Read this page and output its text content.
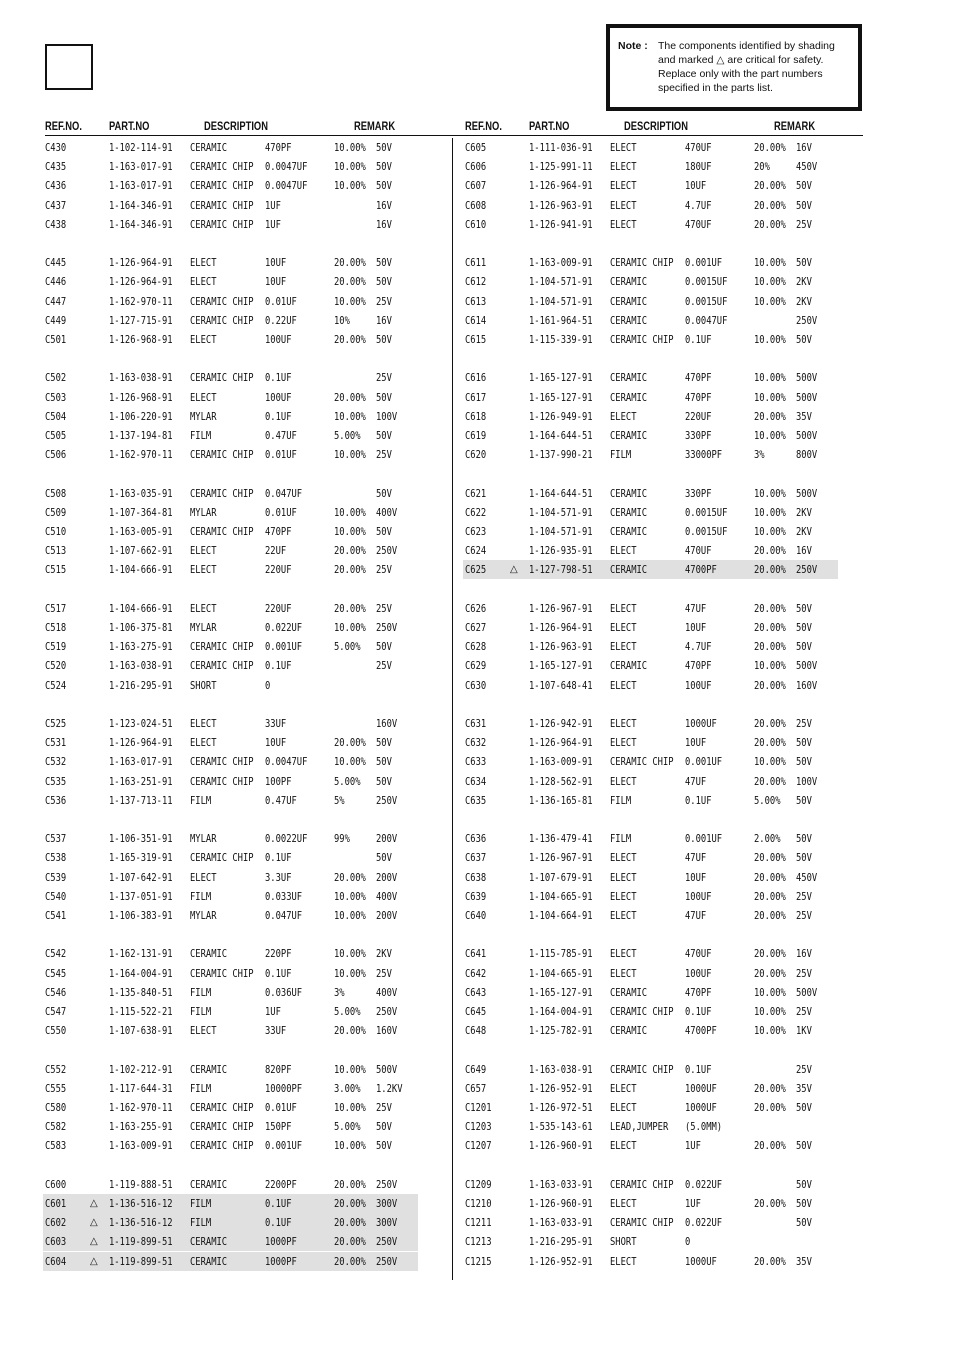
Note : The components identified by shading
and marked △ are critical for safety.
Replace only with the part numbers
specified in the parts list.
REF.NO. PART.NO	DESCRIPTION	REMARK	REF.NO. PART.NO	DESCRIPTION	REMARK
C430	1-102-114-91 CERAMIC	470PF	10.00% 50V
C435	1-163-017-91 CERAMIC CHIP 0.0047UF 10.00% 50V
C436	1-163-017-91 CERAMIC CHIP 0.0047UF 10.00% 50V
C437	1-164-346-91 CERAMIC CHIP 1UF	16V
C438	1-164-346-91 CERAMIC CHIP 1UF	16V
C445	1-126-964-91 ELECT	10UF	20.00% 50V
C446	1-126-964-91 ELECT	10UF	20.00% 50V
C447	1-162-970-11 CERAMIC CHIP 0.01UF	10.00% 25V
C449	1-127-715-91 CERAMIC CHIP 0.22UF	10% 16V
C501	1-126-968-91 ELECT	100UF	20.00% 50V
C502	1-163-038-91 CERAMIC CHIP 0.1UF	25V
C503	1-126-968-91 ELECT	100UF	20.00% 50V
C504	1-106-220-91 MYLAR	0.1UF	10.00% 100V
C505	1-137-194-81 FILM	0.47UF	5.00% 50V
C506	1-162-970-11 CERAMIC CHIP 0.01UF	10.00% 25V
C508	1-163-035-91 CERAMIC CHIP 0.047UF	50V
C509	1-107-364-81 MYLAR	0.01UF	10.00% 400V
C510	1-163-005-91 CERAMIC CHIP 470PF	10.00% 50V
C513	1-107-662-91 ELECT	22UF	20.00% 250V
C515	1-104-666-91 ELECT	220UF	20.00% 25V
C517	1-104-666-91 ELECT	220UF	20.00% 25V
C518	1-106-375-81 MYLAR	0.022UF	10.00% 250V
C519	1-163-275-91 CERAMIC CHIP 0.001UF	5.00% 50V
C520	1-163-038-91 CERAMIC CHIP 0.1UF	25V
C524	1-216-295-91 SHORT	0
C525	1-123-024-51 ELECT	33UF	160V
C531	1-126-964-91 ELECT	10UF	20.00% 50V
C532	1-163-017-91 CERAMIC CHIP 0.0047UF 10.00% 50V
C535	1-163-251-91 CERAMIC CHIP 100PF	5.00% 50V
C536	1-137-713-11 FILM	0.47UF	5%	250V
C537	1-106-351-91 MYLAR	0.0022UF 99% 200V
C538	1-165-319-91 CERAMIC CHIP 0.1UF	50V
C539	1-107-642-91 ELECT	3.3UF	20.00% 200V
C540	1-137-051-91 FILM	0.033UF	10.00% 400V
C541	1-106-383-91 MYLAR	0.047UF	10.00% 200V
C542	1-162-131-91 CERAMIC	220PF	10.00% 2KV
C545	1-164-004-91 CERAMIC CHIP 0.1UF	10.00% 25V
C546	1-135-840-51 FILM	0.036UF	3%	400V
C547	1-115-522-21 FILM	1UF	5.00% 250V
C550	1-107-638-91 ELECT	33UF	20.00% 160V
C552	1-102-212-91 CERAMIC	820PF	10.00% 500V
C555	1-117-644-31 FILM	10000PF	3.00% 1.2KV
C580	1-162-970-11 CERAMIC CHIP 0.01UF	10.00% 25V
C582	1-163-255-91 CERAMIC CHIP 150PF	5.00% 50V
C583	1-163-009-91 CERAMIC CHIP 0.001UF	10.00% 50V
C600	1-119-888-51 CERAMIC	2200PF	20.00% 250V
C601 △ 1-136-516-12 FILM	0.1UF	20.00% 300V
C602 △ 1-136-516-12 FILM	0.1UF	20.00% 300V
C603 △ 1-119-899-51 CERAMIC	1000PF	20.00% 250V
C604 △ 1-119-899-51 CERAMIC	1000PF	20.00% 250V
C605	1-111-036-91 ELECT	470UF	20.00% 16V
C606	1-125-991-11 ELECT	180UF	20% 450V
C607	1-126-964-91 ELECT	10UF	20.00% 50V
C608	1-126-963-91 ELECT	4.7UF	20.00% 50V
C610	1-126-941-91 ELECT	470UF	20.00% 25V
C611	1-163-009-91 CERAMIC CHIP 0.001UF	10.00% 50V
C612	1-104-571-91 CERAMIC	0.0015UF 10.00% 2KV
C613	1-104-571-91 CERAMIC	0.0015UF 10.00% 2KV
C614	1-161-964-51 CERAMIC	0.0047UF	250V
C615	1-115-339-91 CERAMIC CHIP 0.1UF	10.00% 50V
C616	1-165-127-91 CERAMIC	470PF	10.00% 500V
C617	1-165-127-91 CERAMIC	470PF	10.00% 500V
C618	1-126-949-91 ELECT	220UF	20.00% 35V
C619	1-164-644-51 CERAMIC	330PF	10.00% 500V
C620	1-137-990-21 FILM	33000PF	3%	800V
C621	1-164-644-51 CERAMIC	330PF	10.00% 500V
C622	1-104-571-91 CERAMIC	0.0015UF 10.00% 2KV
C623	1-104-571-91 CERAMIC	0.0015UF 10.00% 2KV
C624	1-126-935-91 ELECT	470UF	20.00% 16V
C625 △ 1-127-798-51 CERAMIC	4700PF	20.00% 250V
C626	1-126-967-91 ELECT	47UF	20.00% 50V
C627	1-126-964-91 ELECT	10UF	20.00% 50V
C628	1-126-963-91 ELECT	4.7UF	20.00% 50V
C629	1-165-127-91 CERAMIC	470PF	10.00% 500V
C630	1-107-648-41 ELECT	100UF	20.00% 160V
C631	1-126-942-91 ELECT	1000UF	20.00% 25V
C632	1-126-964-91 ELECT	10UF	20.00% 50V
C633	1-163-009-91 CERAMIC CHIP 0.001UF	10.00% 50V
C634	1-128-562-91 ELECT	47UF	20.00% 100V
C635	1-136-165-81 FILM	0.1UF	5.00% 50V
C636	1-136-479-41 FILM	0.001UF	2.00% 50V
C637	1-126-967-91 ELECT	47UF	20.00% 50V
C638	1-107-679-91 ELECT	10UF	20.00% 450V
C639	1-104-665-91 ELECT	100UF	20.00% 25V
C640	1-104-664-91 ELECT	47UF	20.00% 25V
C641	1-115-785-91 ELECT	470UF	20.00% 16V
C642	1-104-665-91 ELECT	100UF	20.00% 25V
C643	1-165-127-91 CERAMIC	470PF	10.00% 500V
C645	1-164-004-91 CERAMIC CHIP 0.1UF	10.00% 25V
C648	1-125-782-91 CERAMIC	4700PF	10.00% 1KV
C649	1-163-038-91 CERAMIC CHIP 0.1UF	25V
C657	1-126-952-91 ELECT	1000UF	20.00% 35V
C1201	1-126-972-51 ELECT	1000UF	20.00% 50V
C1203	1-535-143-61 LEAD,JUMPER (5.0MM)
C1207	1-126-960-91 ELECT	1UF	20.00% 50V
C1209	1-163-033-91 CERAMIC CHIP 0.022UF	50V
C1210	1-126-960-91 ELECT	1UF	20.00% 50V
C1211	1-163-033-91 CERAMIC CHIP 0.022UF	50V
C1213	1-216-295-91 SHORT	0
C1215	1-126-952-91 ELECT	1000UF	20.00% 35V
